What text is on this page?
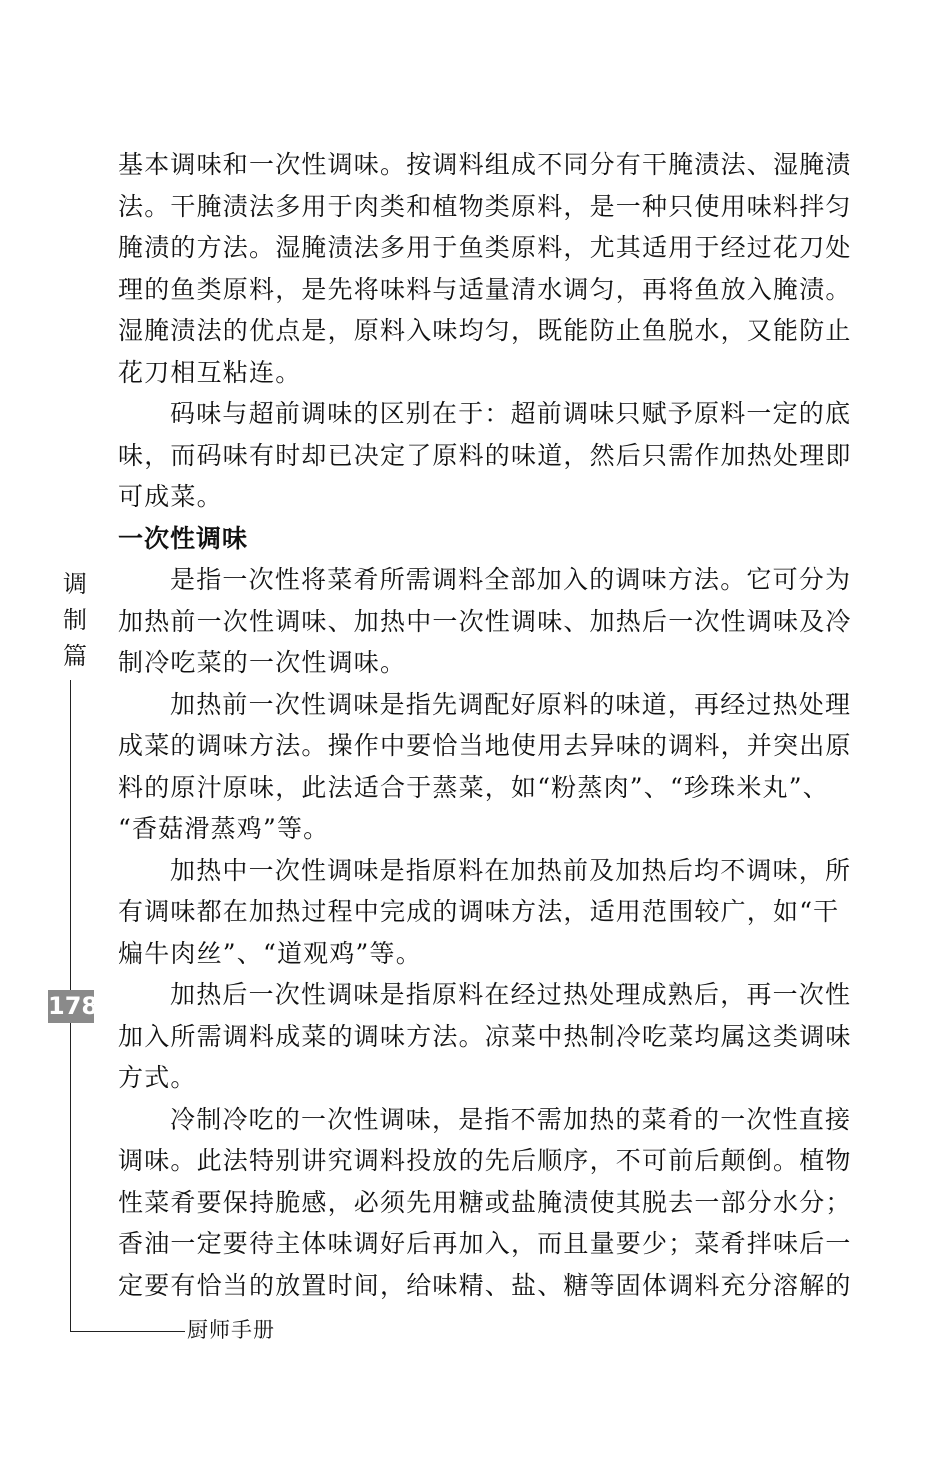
基本调味和一次性调味。按调料组成不同分有干腌渍法、湿腌渍
法。干腌渍法多用于肉类和植物类原料，是一种只使用味料拌匀
腌渍的方法。湿腌渍法多用于鱼类原料，尤其适用于经过花刀处
理的鱼类原料，是先将味料与适量清水调匀，再将鱼放入腌渍。
湿腌渍法的优点是，原料入味均匀，既能防止鱼脱水，又能防止
花刀相互粘连。
码味与超前调味的区别在于：超前调味只赋予原料一定的底
味，而码味有时却已决定了原料的味道，然后只需作加热处理即
可成菜。
一次性调味
是指一次性将菜肴所需调料全部加入的调味方法。它可分为
加热前一次性调味、加热中一次性调味、加热后一次性调味及冷
制冷吃菜的一次性调味。
加热前一次性调味是指先调配好原料的味道，再经过热处理
成菜的调味方法。操作中要恰当地使用去异味的调料，并突出原
料的原汁原味，此法适合于蒸菜，如“粉蒸肉”、“珍珠米丸”、
“香菇滑蒸鸡”等。
加热中一次性调味是指原料在加热前及加热后均不调味，所
有调味都在加热过程中完成的调味方法，适用范围较广，如“干
煸牛肉丝”、“道观鸡”等。
加热后一次性调味是指原料在经过热处理成熟后，再一次性
加入所需调料成菜的调味方法。凉菜中热制冷吃菜均属这类调味
方式。
冷制冷吃的一次性调味，是指不需加热的菜肴的一次性直接
调味。此法特别讲究调料投放的先后顺序，不可前后颠倒。植物
性菜肴要保持脆感，必须先用糖或盐腌渍使其脱去一部分水分；
香油一定要待主体味调好后再加入，而且量要少；菜肴拌味后一
定要有恰当的放置时间，给味精、盐、糖等固体调料充分溶解的
调
制
篇
178
厨师手册
